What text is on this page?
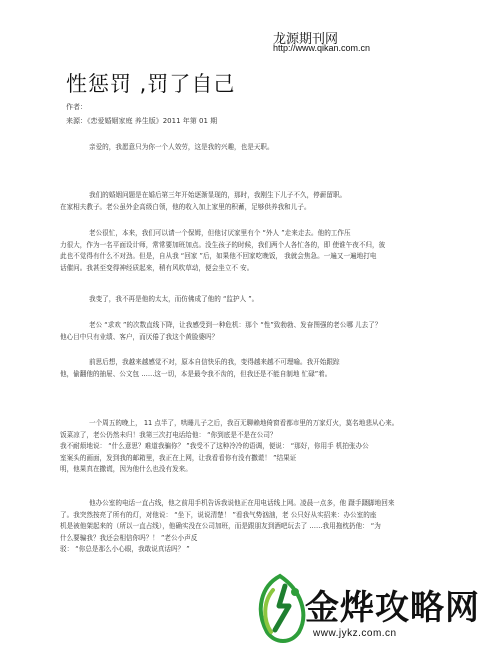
龙源期刊网
http://www.qikan.com.cn
性惩罚 ,罚了自己
作者：
来源：《恋爱婚姻家庭 养生版》2011 年第 01 期
亲爱的，我愿意只为你一个人效劳，这是我的兴趣，也是天职。
我们的婚姻问题是在婚后第三年开始逐渐显现的，那时，我刚生下儿子不久，停薪留职。
在家相夫教子。老公虽外企高级白领，他的收入加上家里的积蓄，足够供养我和儿子。
老公很忙，本来，我们可以请一个保姆，但他讨厌家里有个 “外人 ”走来走去。他的工作压
力很大，作为一名平面设计师，常常要加班加点。没生孩子的时候，我们两个人各忙各的，即 使谁午夜不归，彼
此也不觉得有什么不对劲。但是，自从我 “回家 ”后，如果他不回家吃晚饭， 我就会焦急。一遍又一遍地打电
话催问。我甚至变得神经质起来，稍有风吹草动，便会坐立不 安。
我变了，我不再是他的太太，而仿佛成了他的 “监护人 ”。
老公 “求欢 ”的次数直线下降，让我感受到一种危机：那个 “性”致勃勃、发奋图强的老公哪 儿去了？
他心目中只有业绩、客户，而厌倦了我这个黄脸婆吗？
前思后想，我越来越感觉不对，原本自信快乐的我，变得越来越不可理喻。我开始跟踪
他，偷翻他的抽屉、公文包 ……这一切，本是最令我不齿的，但我还是不能自制地 忙碌”着。
一个周五的晚上， 11 点半了，哄睡儿子之后，我百无聊赖地倚窗看都市里的万家灯火，莫名地悲从心来。
饭菜凉了，老公仍然未归！我第三次打电话给他： “你到底是不是在公司？
我不耐烦地说： “什么意思？难道我骗你？ ”我受不了这种冷冷的语调，便说： “那好，你用手 机拍张办公
室案头的画面，发到我的邮箱里，我正在上网，让我看看你有没有撒谎！ ”结果证
明，他果真在撒谎，因为他什么也没有发来。
他办公室的电话一直占线，他之前用手机告诉我说他正在用电话线上网。凌晨一点多，他 蹑手蹑脚地回来
了。我突然按亮了所有的灯，对他说： “坐下，说说清楚！ ”看我气势汹汹，老 公只好从实招来：办公室的座
机是被他架起来的（所以一直占线），他确实没在公司加班，而是跟朋友到酒吧玩去了 ……我用拖枕扔他： “为
什么要骗我？我还会相信你吗？！ ”老公小声反
驳： “你总是那么小心眼，我敢说真话吗？ ”
金烨攻略网
www.jykz.com.cn
